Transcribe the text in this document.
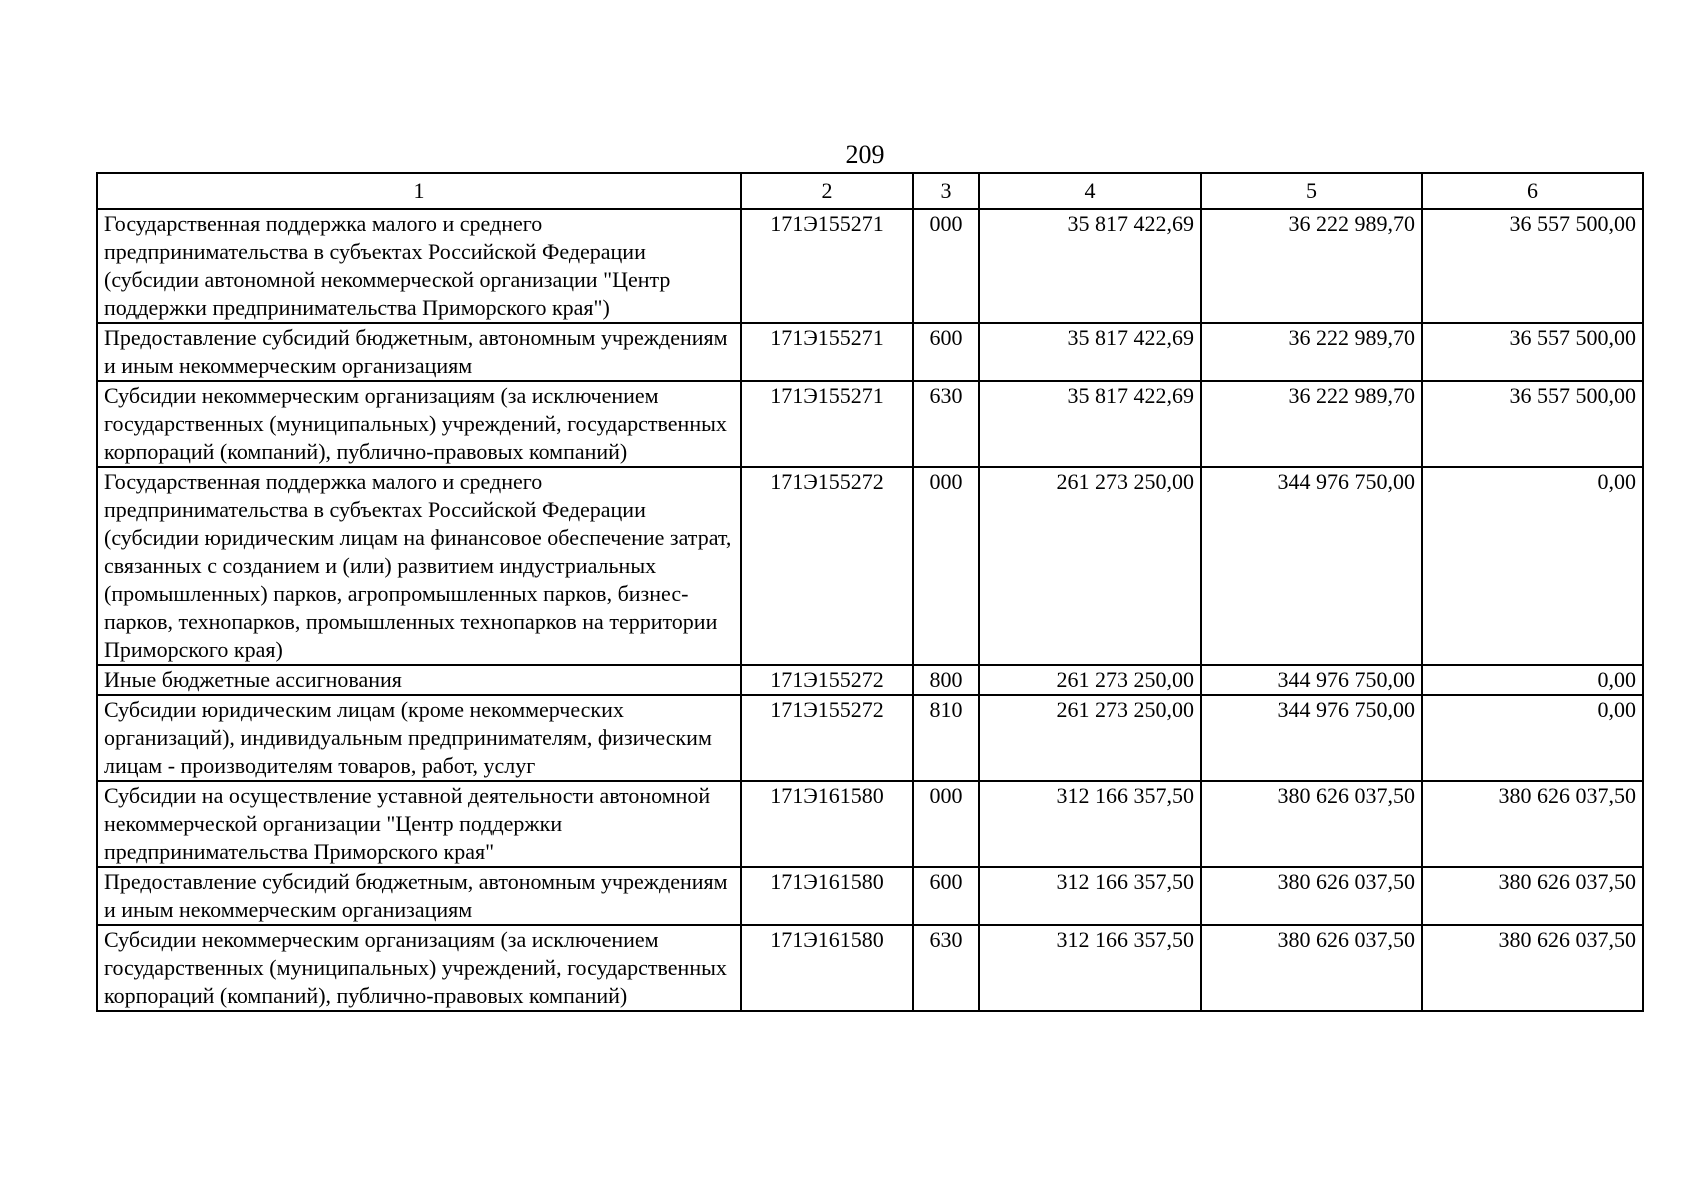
209
1	2	3	4	5	6
Государственная поддержка малого и среднего предпринимательства в субъектах Российской Федерации (субсидии автономной некоммерческой организации "Центр поддержки предпринимательства Приморского края")	171Э155271	000	35 817 422,69	36 222 989,70	36 557 500,00
Предоставление субсидий бюджетным, автономным учреждениям и иным некоммерческим организациям	171Э155271	600	35 817 422,69	36 222 989,70	36 557 500,00
Субсидии некоммерческим организациям (за исключением государственных (муниципальных) учреждений, государственных корпораций (компаний), публично-правовых компаний)	171Э155271	630	35 817 422,69	36 222 989,70	36 557 500,00
Государственная поддержка малого и среднего предпринимательства в субъектах Российской Федерации (субсидии юридическим лицам на финансовое обеспечение затрат, связанных с созданием и (или) развитием индустриальных (промышленных) парков, агропромышленных парков, бизнес-парков, технопарков, промышленных технопарков на территории Приморского края)	171Э155272	000	261 273 250,00	344 976 750,00	0,00
Иные бюджетные ассигнования	171Э155272	800	261 273 250,00	344 976 750,00	0,00
Субсидии юридическим лицам (кроме некоммерческих организаций), индивидуальным предпринимателям, физическим лицам - производителям товаров, работ, услуг	171Э155272	810	261 273 250,00	344 976 750,00	0,00
Субсидии на осуществление уставной деятельности автономной некоммерческой организации "Центр поддержки предпринимательства Приморского края"	171Э161580	000	312 166 357,50	380 626 037,50	380 626 037,50
Предоставление субсидий бюджетным, автономным учреждениям и иным некоммерческим организациям	171Э161580	600	312 166 357,50	380 626 037,50	380 626 037,50
Субсидии некоммерческим организациям (за исключением государственных (муниципальных) учреждений, государственных корпораций (компаний), публично-правовых компаний)	171Э161580	630	312 166 357,50	380 626 037,50	380 626 037,50
